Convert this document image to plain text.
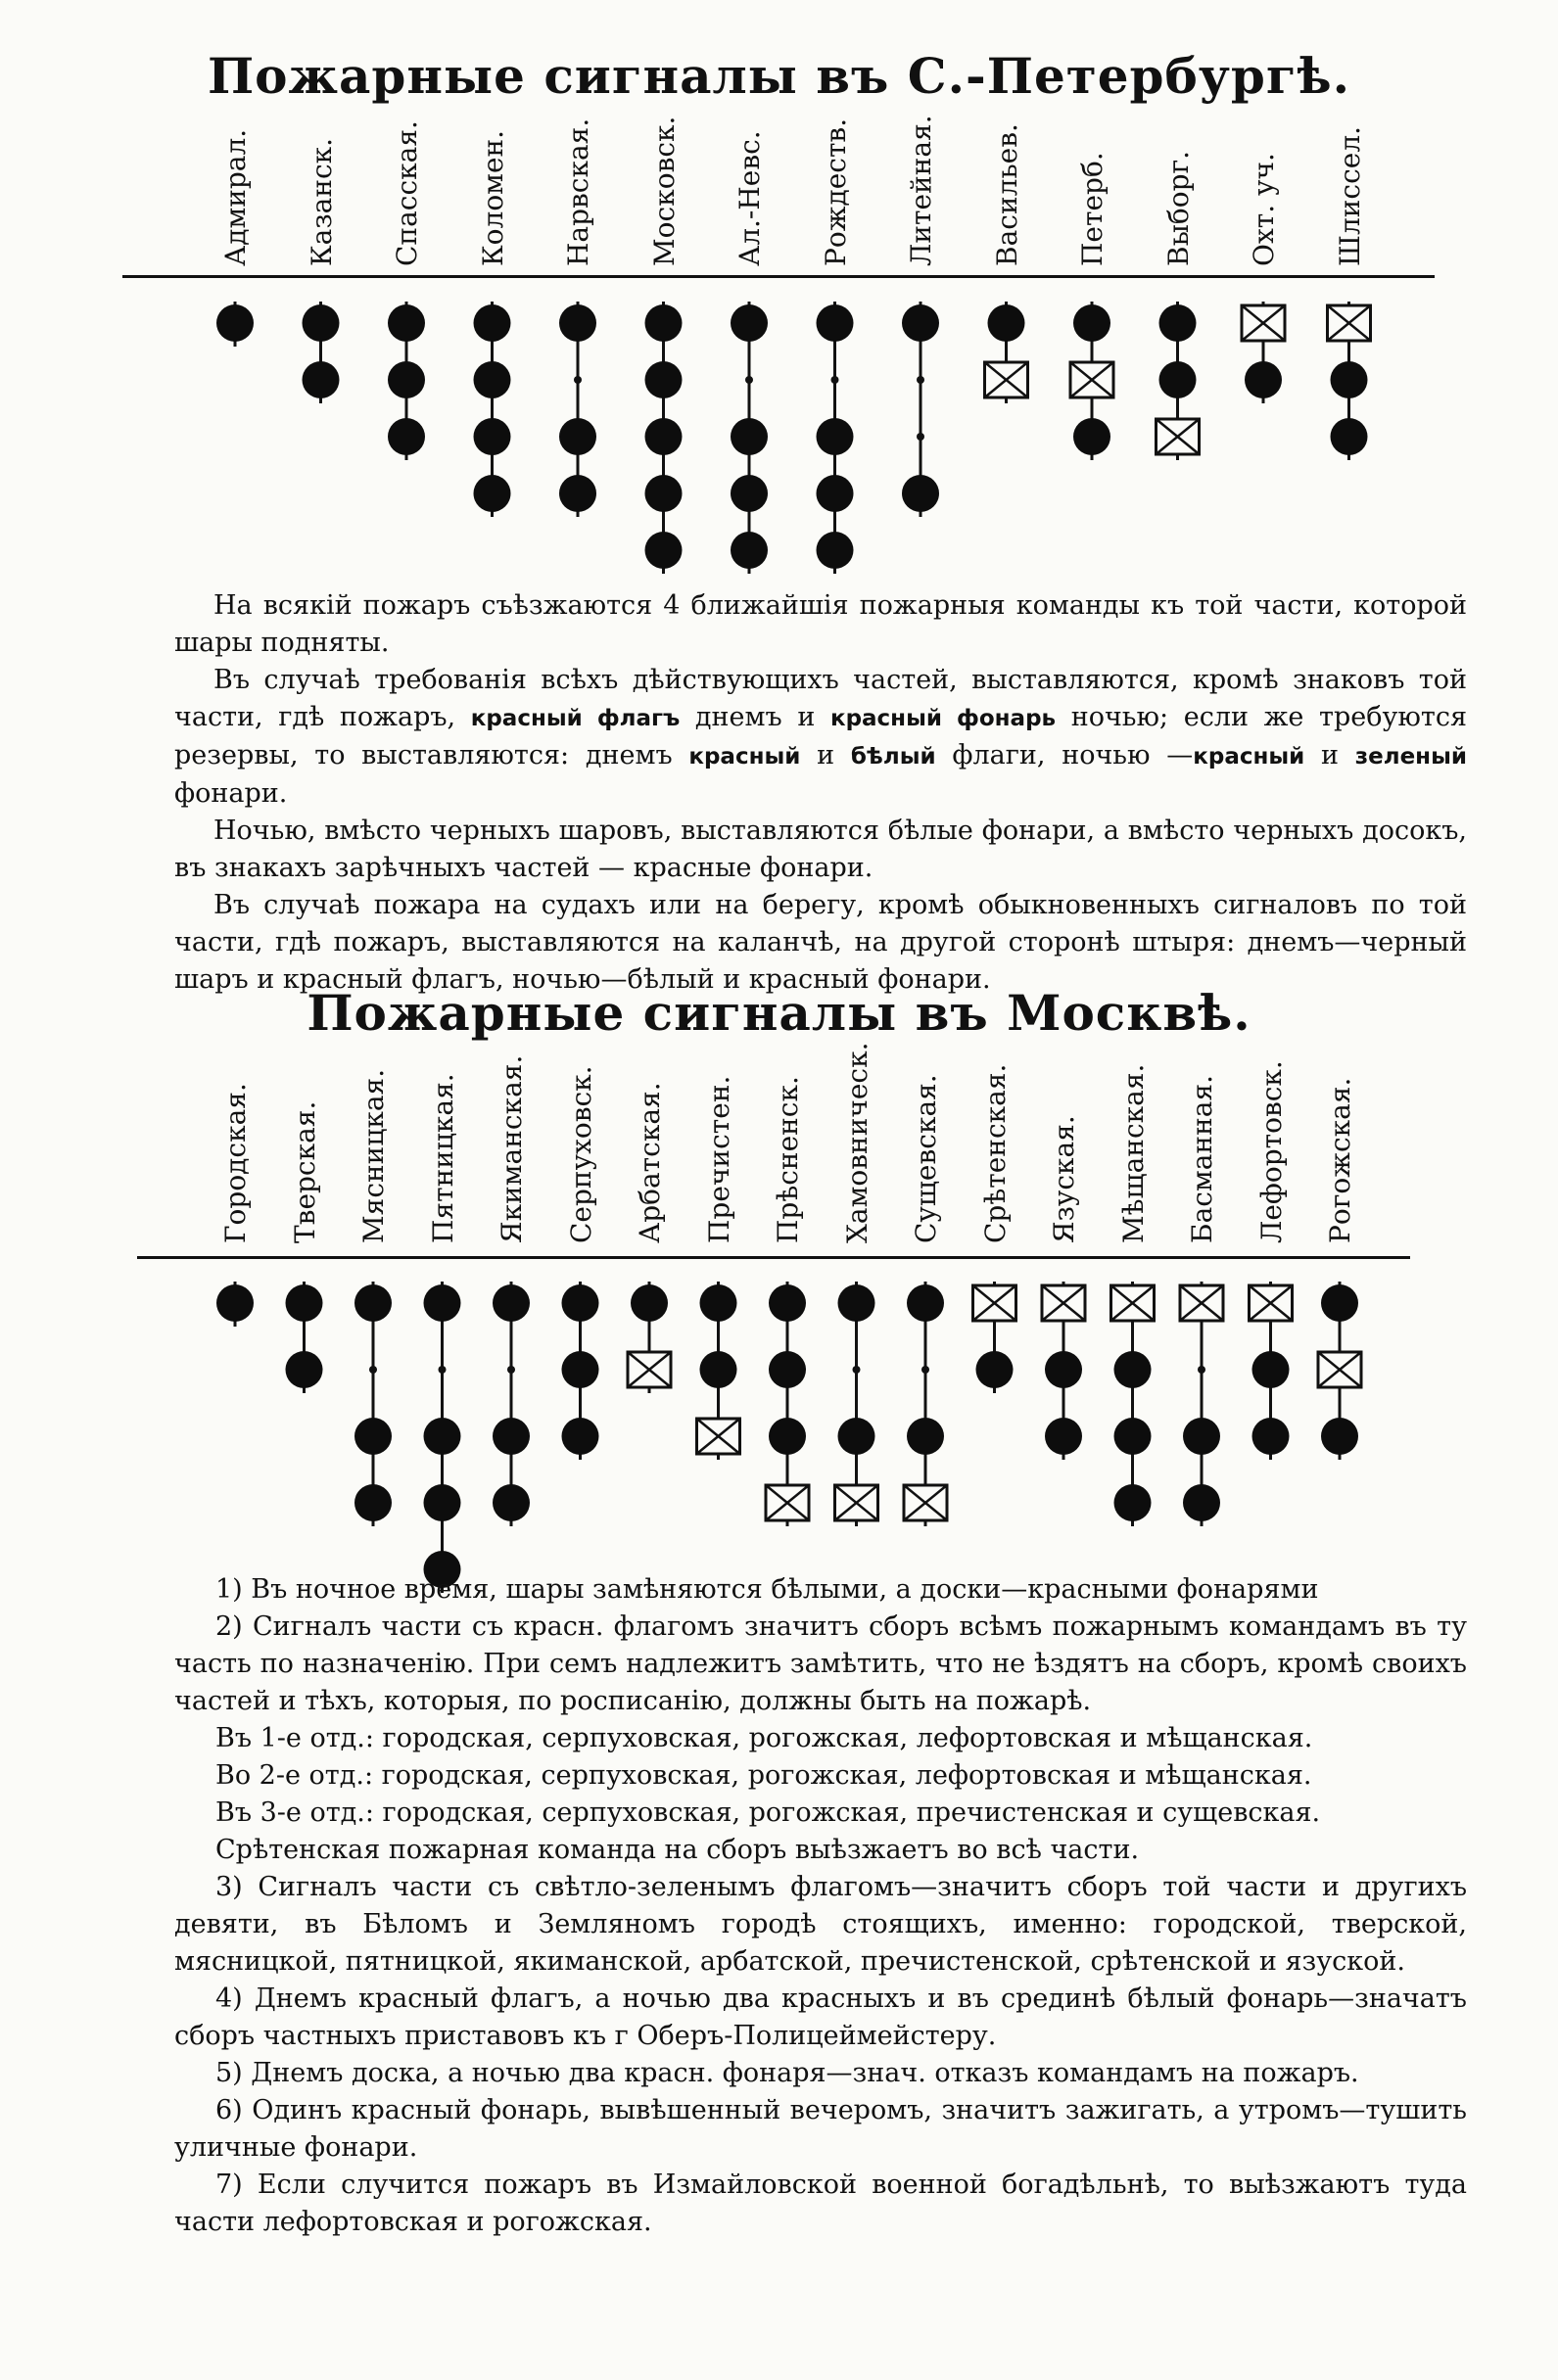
Пожарные сигналы въ С.-Петербургѣ.
Адмирал. Казанск. Спасская. Коломен. Нарвская. Московск. Ал.-Невс. Рождеств. Литейная. Васильев. Петерб. Выборг. Охт. уч. Шлиссел.

На всякій пожаръ съѣзжаются 4 ближайшія пожарныя команды къ той части, которой шары подняты.

Въ случаѣ требованія всѣхъ дѣйствующихъ частей, выставляются, кромѣ знаковъ той части, гдѣ пожаръ, красный флагъ днемъ и красный фонарь ночью; если же требуются резервы, то выставляются: днемъ красный и бѣлый флаги, ночью —красный и зеленый фонари.

Ночью, вмѣсто черныхъ шаровъ, выставляются бѣлые фонари, а вмѣсто черныхъ досокъ, въ знакахъ зарѣчныхъ частей — красные фонари.

Въ случаѣ пожара на судахъ или на берегу, кромѣ обыкновенныхъ сигналовъ по той части, гдѣ пожаръ, выставляются на каланчѣ, на другой сторонѣ штыря: днемъ—черный шаръ и красный флагъ, ночью—бѣлый и красный фонари.

Пожарные сигналы въ Москвѣ.
Городская. Тверская. Мясницкая. Пятницкая. Якиманская. Серпуховск. Арбатская. Пречистен. Прѣсненск. Хамовническ. Сущевская. Срѣтенская. Язуская. Мѣщанская. Басманная. Лефортовск. Рогожская.

1) Въ ночное время, шары замѣняются бѣлыми, а доски—красными фонарями

2) Сигналъ части съ красн. флагомъ значитъ сборъ всѣмъ пожарнымъ командамъ въ ту часть по назначенію. При семъ надлежитъ замѣтить, что не ѣздятъ на сборъ, кромѣ своихъ частей и тѣхъ, которыя, по росписанію, должны быть на пожарѣ.

Въ 1-е отд.: городская, серпуховская, рогожская, лефортовская и мѣщанская.

Во 2-е отд.: городская, серпуховская, рогожская, лефортовская и мѣщанская.

Въ 3-е отд.: городская, серпуховская, рогожская, пречистенская и сущевская.

Срѣтенская пожарная команда на сборъ выѣзжаетъ во всѣ части.

3) Сигналъ части съ свѣтло-зеленымъ флагомъ—значитъ сборъ той части и другихъ девяти, въ Бѣломъ и Земляномъ городѣ стоящихъ, именно: городской, тверской, мясницкой, пятницкой, якиманской, арбатской, пречистенской, срѣтенской и язуской.

4) Днемъ красный флагъ, а ночью два красныхъ и въ срединѣ бѣлый фонарь—значатъ сборъ частныхъ приставовъ къ г Оберъ-Полицеймейстеру.

5) Днемъ доска, а ночью два красн. фонаря—знач. отказъ командамъ на пожаръ.

6) Одинъ красный фонарь, вывѣшенный вечеромъ, значитъ зажигать, а утромъ—тушить уличные фонари.

7) Если случится пожаръ въ Измайловской военной богадѣльнѣ, то выѣзжаютъ туда части лефортовская и рогожская.
